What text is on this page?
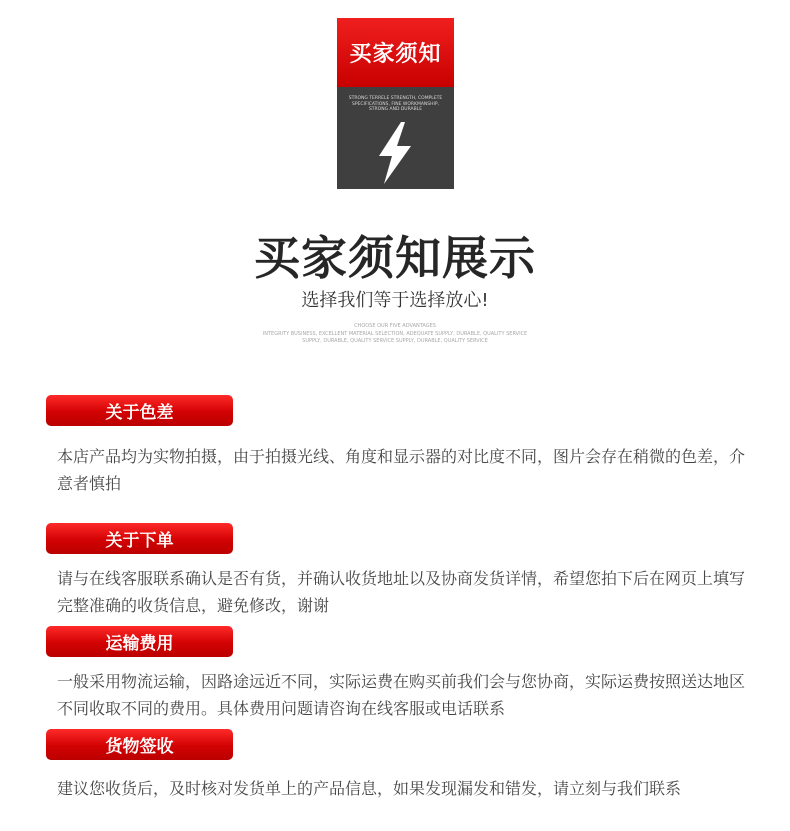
买家须知
STRONG TERRELE STRENGTH, COMPLETE SPECIFICATIONS, FINE WORKMANSHIP, STRONG AND DURABLE
买家须知展示
选择我们等于选择放心!
CHOOSE OUR FIVE ADVANTAGES
INTEGRITY BUSINESS, EXCELLENT MATERIAL SELECTION, ADEQUATE SUPPLY, DURABLE, QUALITY SERVICE
SUPPLY, DURABLE, QUALITY SERVICE SUPPLY, DURABLE, QUALITY SERVICE
关于色差
本店产品均为实物拍摄，由于拍摄光线、角度和显示器的对比度不同，图片会存在稍微的色差，介意者慎拍
关于下单
请与在线客服联系确认是否有货，并确认收货地址以及协商发货详情，希望您拍下后在网页上填写完整准确的收货信息，避免修改，谢谢
运输费用
一般采用物流运输，因路途远近不同，实际运费在购买前我们会与您协商，实际运费按照送达地区不同收取不同的费用。具体费用问题请咨询在线客服或电话联系
货物签收
建议您收货后，及时核对发货单上的产品信息，如果发现漏发和错发，请立刻与我们联系
